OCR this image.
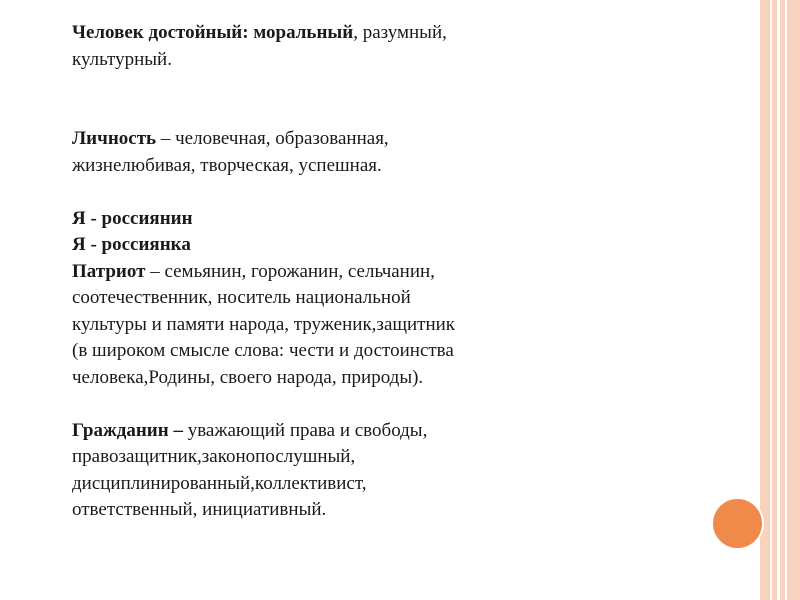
Человек достойный: моральный, разумный,
культурный.
Личность – человечная, образованная,
жизнелюбивая, творческая, успешная.
Я - россиянин
Я - россиянка
Патриот – семьянин, горожанин, сельчанин,
соотечественник, носитель национальной
культуры и памяти народа, труженик,защитник
(в широком смысле слова: чести и достоинства
человека,Родины, своего народа, природы).
Гражданин – уважающий права и свободы,
правозащитник,законопослушный,
дисциплинированный,коллективист,
ответственный, инициативный.
